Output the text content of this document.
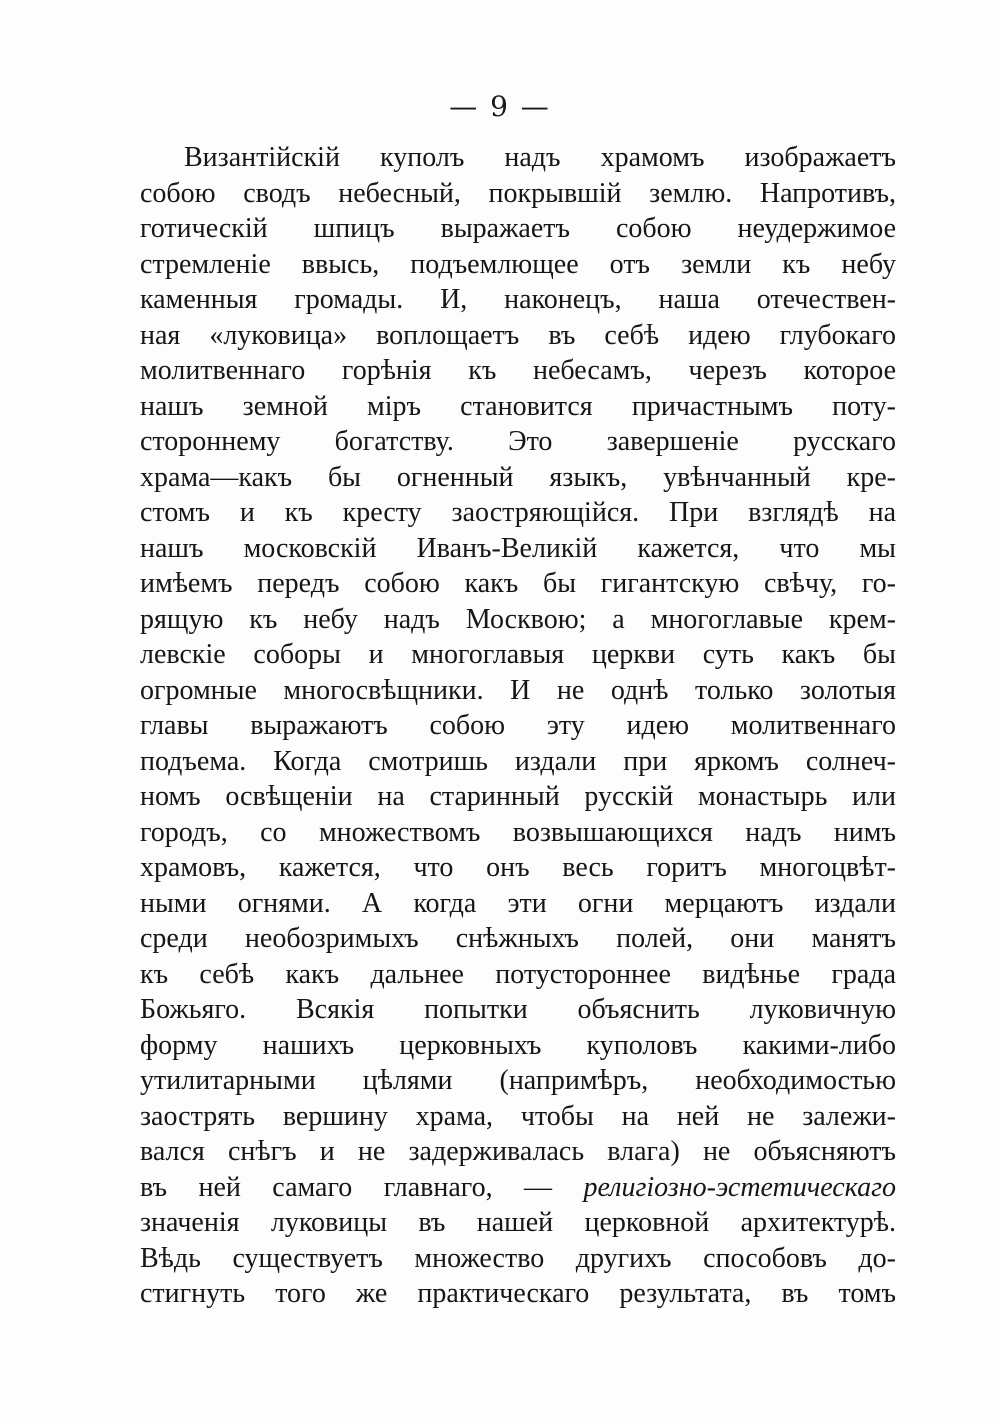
— 9 —
Византійскій куполъ надъ храмомъ изображаетъ
собою сводъ небесный, покрывшій землю. Напротивъ,
готическій шпицъ выражаетъ собою неудержимое
стремленіе ввысь, подъемлющее отъ земли къ небу
каменныя громады. И, наконецъ, наша отечествен-
ная «луковица» воплощаетъ въ себѣ идею глубокаго
молитвеннаго горѣнія къ небесамъ, черезъ которое
нашъ земной міръ становится причастнымъ поту-
стороннему богатству. Это завершеніе русскаго
храма—какъ бы огненный языкъ, увѣнчанный кре-
стомъ и къ кресту заостряющійся. При взглядѣ на
нашъ московскій Иванъ-Великій кажется, что мы
имѣемъ передъ собою какъ бы гигантскую свѣчу, го-
рящую къ небу надъ Москвою; а многоглавые крем-
левскіе соборы и многоглавыя церкви суть какъ бы
огромные многосвѣщники. И не однѣ только золотыя
главы выражаютъ собою эту идею молитвеннаго
подъема. Когда смотришь издали при яркомъ солнеч-
номъ освѣщеніи на старинный русскій монастырь или
городъ, со множествомъ возвышающихся надъ нимъ
храмовъ, кажется, что онъ весь горитъ многоцвѣт-
ными огнями. А когда эти огни мерцаютъ издали
среди необозримыхъ снѣжныхъ полей, они манятъ
къ себѣ какъ дальнее потустороннее видѣнье града
Божьяго. Всякія попытки объяснить луковичную
форму нашихъ церковныхъ куполовъ какими-либо
утилитарными цѣлями (напримѣръ, необходимостью
заострять вершину храма, чтобы на ней не залежи-
вался снѣгъ и не задерживалась влага) не объясняютъ
въ ней самаго главнаго, — религіозно-эстетическаго
значенія луковицы въ нашей церковной архитектурѣ.
Вѣдь существуетъ множество другихъ способовъ до-
стигнуть того же практическаго результата, въ томъ
